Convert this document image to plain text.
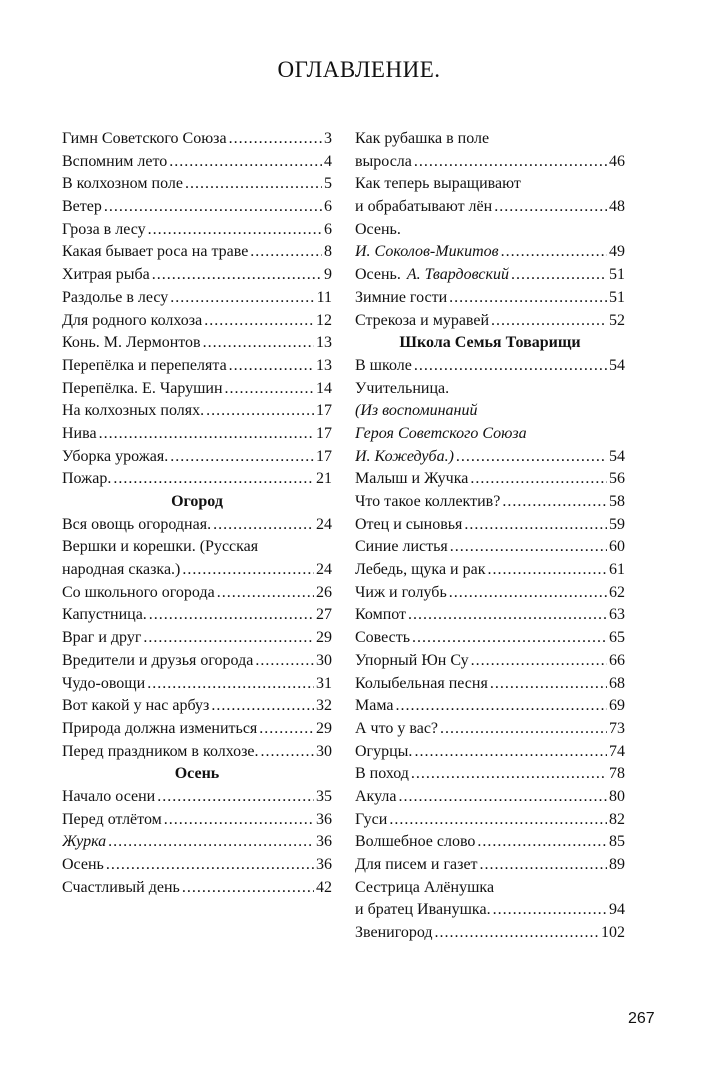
ОГЛАВЛЕНИЕ.
Гимн Советского Союза .....	3
Вспомним лето .....	4
В колхозном поле .....	5
Ветер .....	6
Гроза в лесу .....	6
Какая бывает роса на траве .....	8
Хитрая рыба .....	9
Раздолье в лесу .....	11
Для родного колхоза .....	12
Конь. М. Лермонтов .....	13
Перепёлка и перепелята .....	13
Перепёлка. Е. Чарушин .....	14
На колхозных полях. .....	17
Нива .....	17
Уборка урожая. .....	17
Пожар. .....	21
Огород
Вся овощь огородная. .....	24
Вершки и корешки. (Русская
народная сказка.) .....	24
Со школьного огорода .....	26
Капустница. .....	27
Враг и друг .....	29
Вредители и друзья огорода .....	30
Чудо-овощи .....	31
Вот какой у нас арбуз .....	32
Природа должна измениться .....	29
Перед праздником в колхозе. .....	30
Осень
Начало осени .....	35
Перед отлётом .....	36
Журка .....	36
Осень .....	36
Счастливый день .....	42
Как рубашка в поле
выросла .....	46
Как теперь выращивают
и обрабатывают лён .....	48
Осень.
И. Соколов-Микитов .....	49
Осень. А. Твардовский .....	51
Зимние гости .....	51
Стрекоза и муравей .....	52
Школа Семья Товарищи
В школе .....	54
Учительница.
(Из воспоминаний
Героя Советского Союза
И. Кожедуба.) .....	54
Малыш и Жучка .....	56
Что такое коллектив? .....	58
Отец и сыновья .....	59
Синие листья .....	60
Лебедь, щука и рак .....	61
Чиж и голубь .....	62
Компот .....	63
Совесть .....	65
Упорный Юн Су .....	66
Колыбельная песня .....	68
Мама .....	69
А что у вас? .....	73
Огурцы. .....	74
В поход .....	78
Акула .....	80
Гуси .....	82
Волшебное слово .....	85
Для писем и газет .....	89
Сестрица Алёнушка
и братец Иванушка. .....	94
Звенигород .....	102
267
